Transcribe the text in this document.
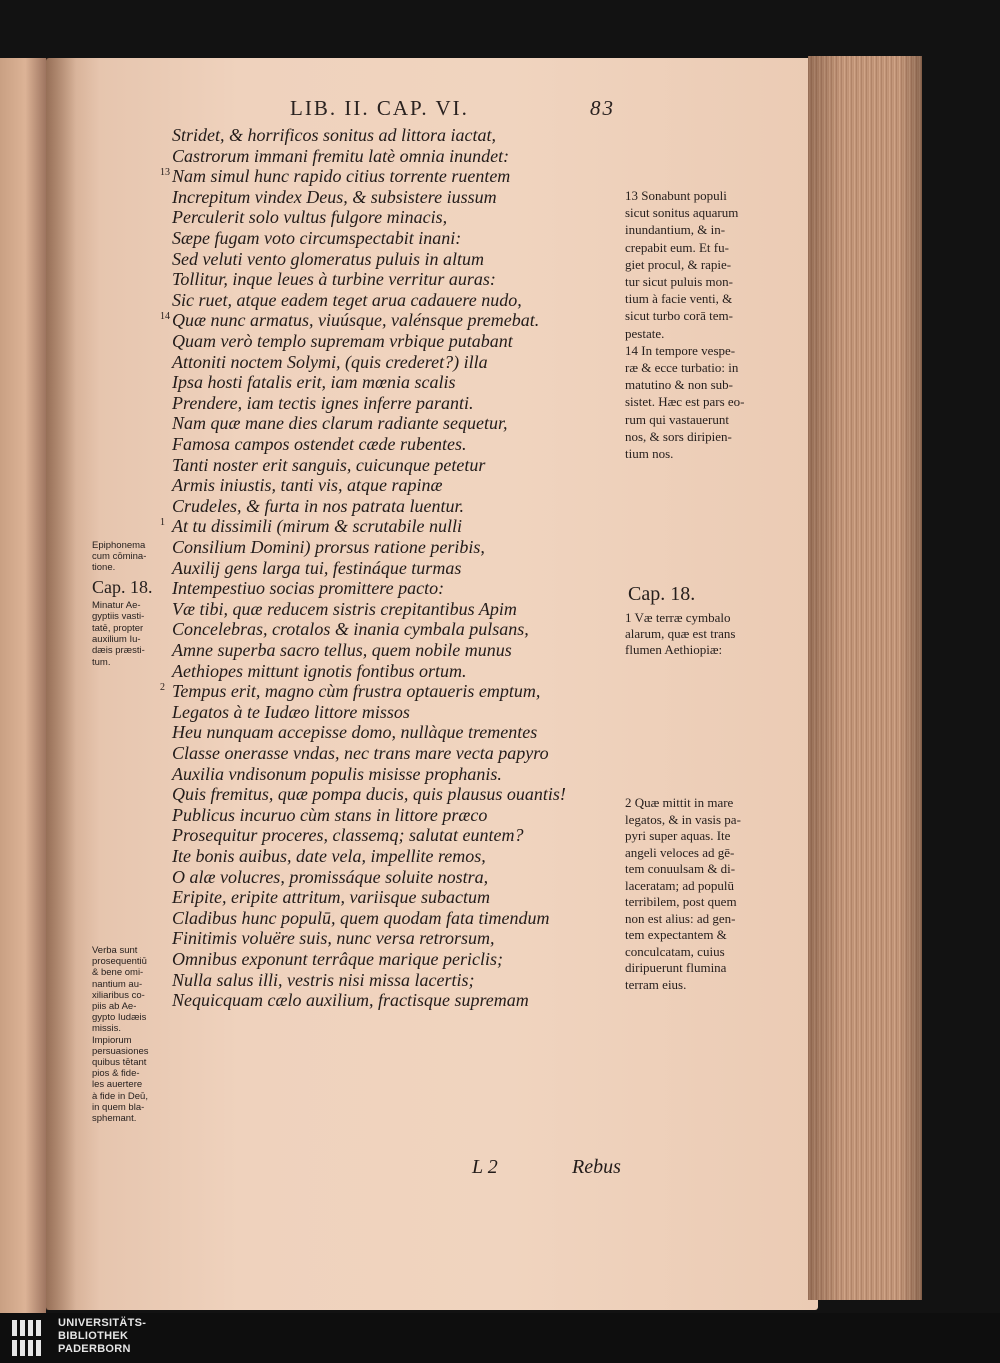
LIB. II. CAP. VI.	83
Stridet, & horrificos sonitus ad littora iactat,
Castrorum immani fremitu latè omnia inundet:
Nam simul hunc rapido citius torrente ruentem
13
Increpitum vindex Deus, & subsistere iussum
Perculerit solo vultus fulgore minacis,
Sæpe fugam voto circumspectabit inani:
Sed veluti vento glomeratus puluis in altum
Tollitur, inque leues à turbine verritur auras:
Sic ruet, atque eadem teget arua cadauere nudo,
Quæ nunc armatus, viuúsque, valénsque premebat.
14
Quam verò templo supremam vrbique putabant
Attoniti noctem Solymi, (quis crederet?) illa
Ipsa hosti fatalis erit, iam mœnia scalis
Prendere, iam tectis ignes inferre paranti.
Nam quæ mane dies clarum radiante sequetur,
Famosa campos ostendet cæde rubentes.
Tanti noster erit sanguis, cuicunque petetur
Armis iniustis, tanti vis, atque rapinæ
Crudeles, & furta in nos patrata luentur.
At tu dissimili (mirum & scrutabile nulli
1
Consilium Domini) prorsus ratione peribis,
Auxilij gens larga tui, festináque turmas
Intempestiuo socias promittere pacto:
Væ tibi, quæ reducem sistris crepitantibus Apim
Concelebras, crotalos & inania cymbala pulsans,
Amne superba sacro tellus, quem nobile munus
Aethiopes mittunt ignotis fontibus ortum.
Tempus erit, magno cùm frustra optaueris emptum,
2
Legatos à te Iudæo littore missos
Heu nunquam accepisse domo, nullàque trementes
Classe onerasse vndas, nec trans mare vecta papyro
Auxilia vndisonum populis misisse prophanis.
Quis fremitus, quæ pompa ducis, quis plausus ouantis!
Publicus incuruo cùm stans in littore præco
Prosequitur proceres, classemq; salutat euntem?
Ite bonis auibus, date vela, impellite remos,
O alæ volucres, promissáque soluite nostra,
Eripite, eripite attritum, variisque subactum
Cladibus hunc populū, quem quodam fata timendum
Finitimis voluëre suis, nunc versa retrorsum,
Omnibus exponunt terrâque marique periclis;
Nulla salus illi, vestris nisi missa lacertis;
Nequicquam cælo auxilium, fractisque supremam
L 2	Rebus
Epiphonema
cum cōmina-
tione.
Cap. 18.
Minatur Ae-
gyptiis vasti-
tatē, propter
auxilium Iu-
dæis præsti-
tum.
Verba sunt
prosequentiū
& bene omi-
nantium au-
xiliaribus co-
piis ab Ae-
gypto Iudæis
missis.
Impiorum
persuasiones
quibus tētant
pios & fide-
les auertere
à fide in Deū,
in quem bla-
sphemant.
13 Sonabunt populi
sicut sonitus aquarum
inundantium, & in-
crepabit eum. Et fu-
giet procul, & rapie-
tur sicut puluis mon-
tium à facie venti, &
sicut turbo corā tem-
pestate.
14 In tempore vespe-
ræ & ecce turbatio: in
matutino & non sub-
sistet. Hæc est pars eo-
rum qui vastauerunt
nos, & sors diripien-
tium nos.
Cap. 18.
1 Væ terræ cymbalo
alarum, quæ est trans
flumen Aethiopiæ:
2 Quæ mittit in mare
legatos, & in vasis pa-
pyri super aquas. Ite
angeli veloces ad gē-
tem conuulsam & di-
laceratam; ad populū
terribilem, post quem
non est alius: ad gen-
tem expectantem &
conculcatam, cuius
diripuerunt flumina
terram eius.
UNIVERSITÄTS-
BIBLIOTHEK
PADERBORN
